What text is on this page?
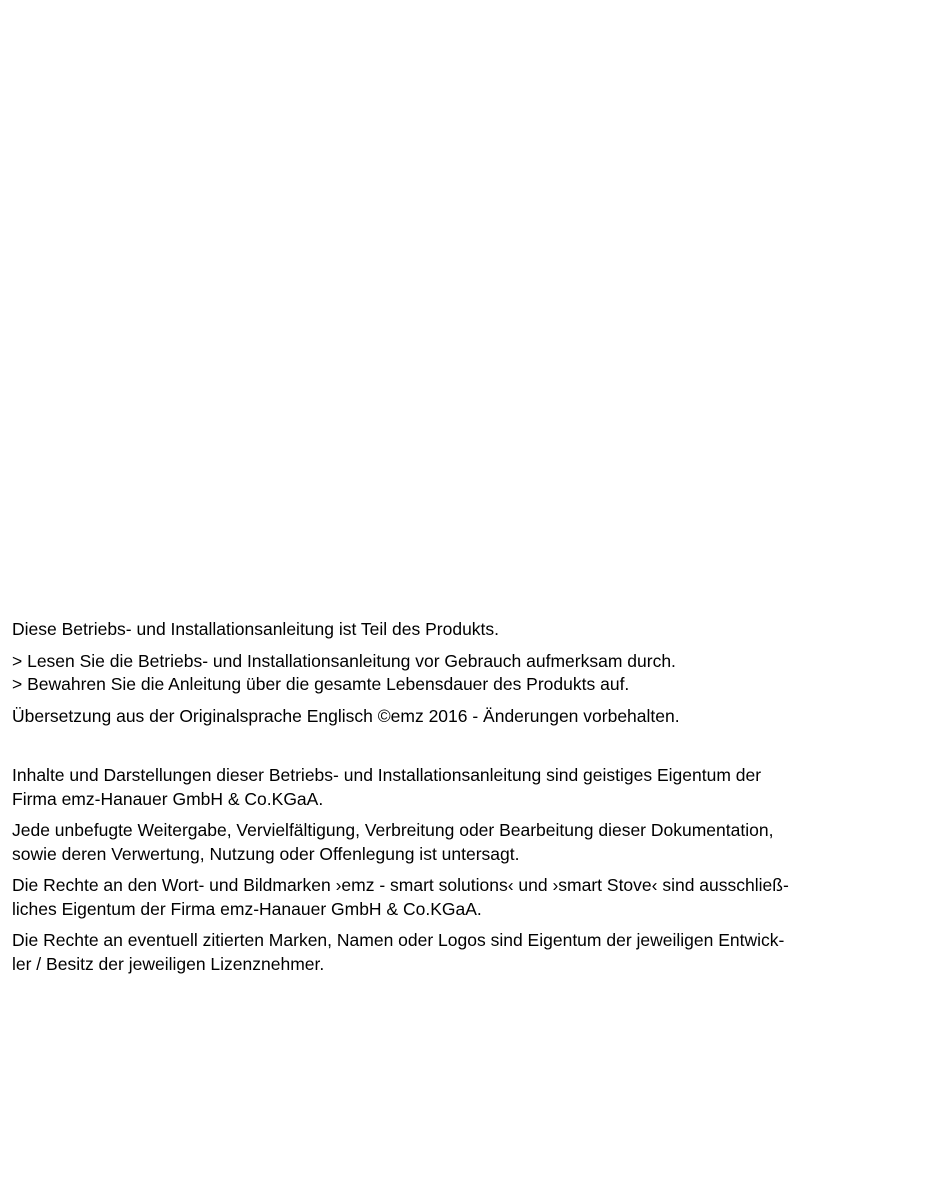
Diese Betriebs- und Installationsanleitung ist Teil des Produkts.

> Lesen Sie die Betriebs- und Installationsanleitung vor Gebrauch aufmerksam durch.

> Bewahren Sie die Anleitung über die gesamte Lebensdauer des Produkts auf.

Übersetzung aus der Originalsprache Englisch ©emz 2016 - Änderungen vorbehalten.

Inhalte und Darstellungen dieser Betriebs- und Installationsanleitung sind geistiges Eigentum der
Firma emz-Hanauer GmbH & Co.KGaA.

Jede unbefugte Weitergabe, Vervielfältigung, Verbreitung oder Bearbeitung dieser Dokumentation,
sowie deren Verwertung, Nutzung oder Offenlegung ist untersagt.

Die Rechte an den Wort- und Bildmarken ›emz - smart solutions‹ und ›smart Stove‹ sind ausschließ-
liches Eigentum der Firma emz-Hanauer GmbH & Co.KGaA.

Die Rechte an eventuell zitierten Marken, Namen oder Logos sind Eigentum der jeweiligen Entwick-
ler / Besitz der jeweiligen Lizenznehmer.
